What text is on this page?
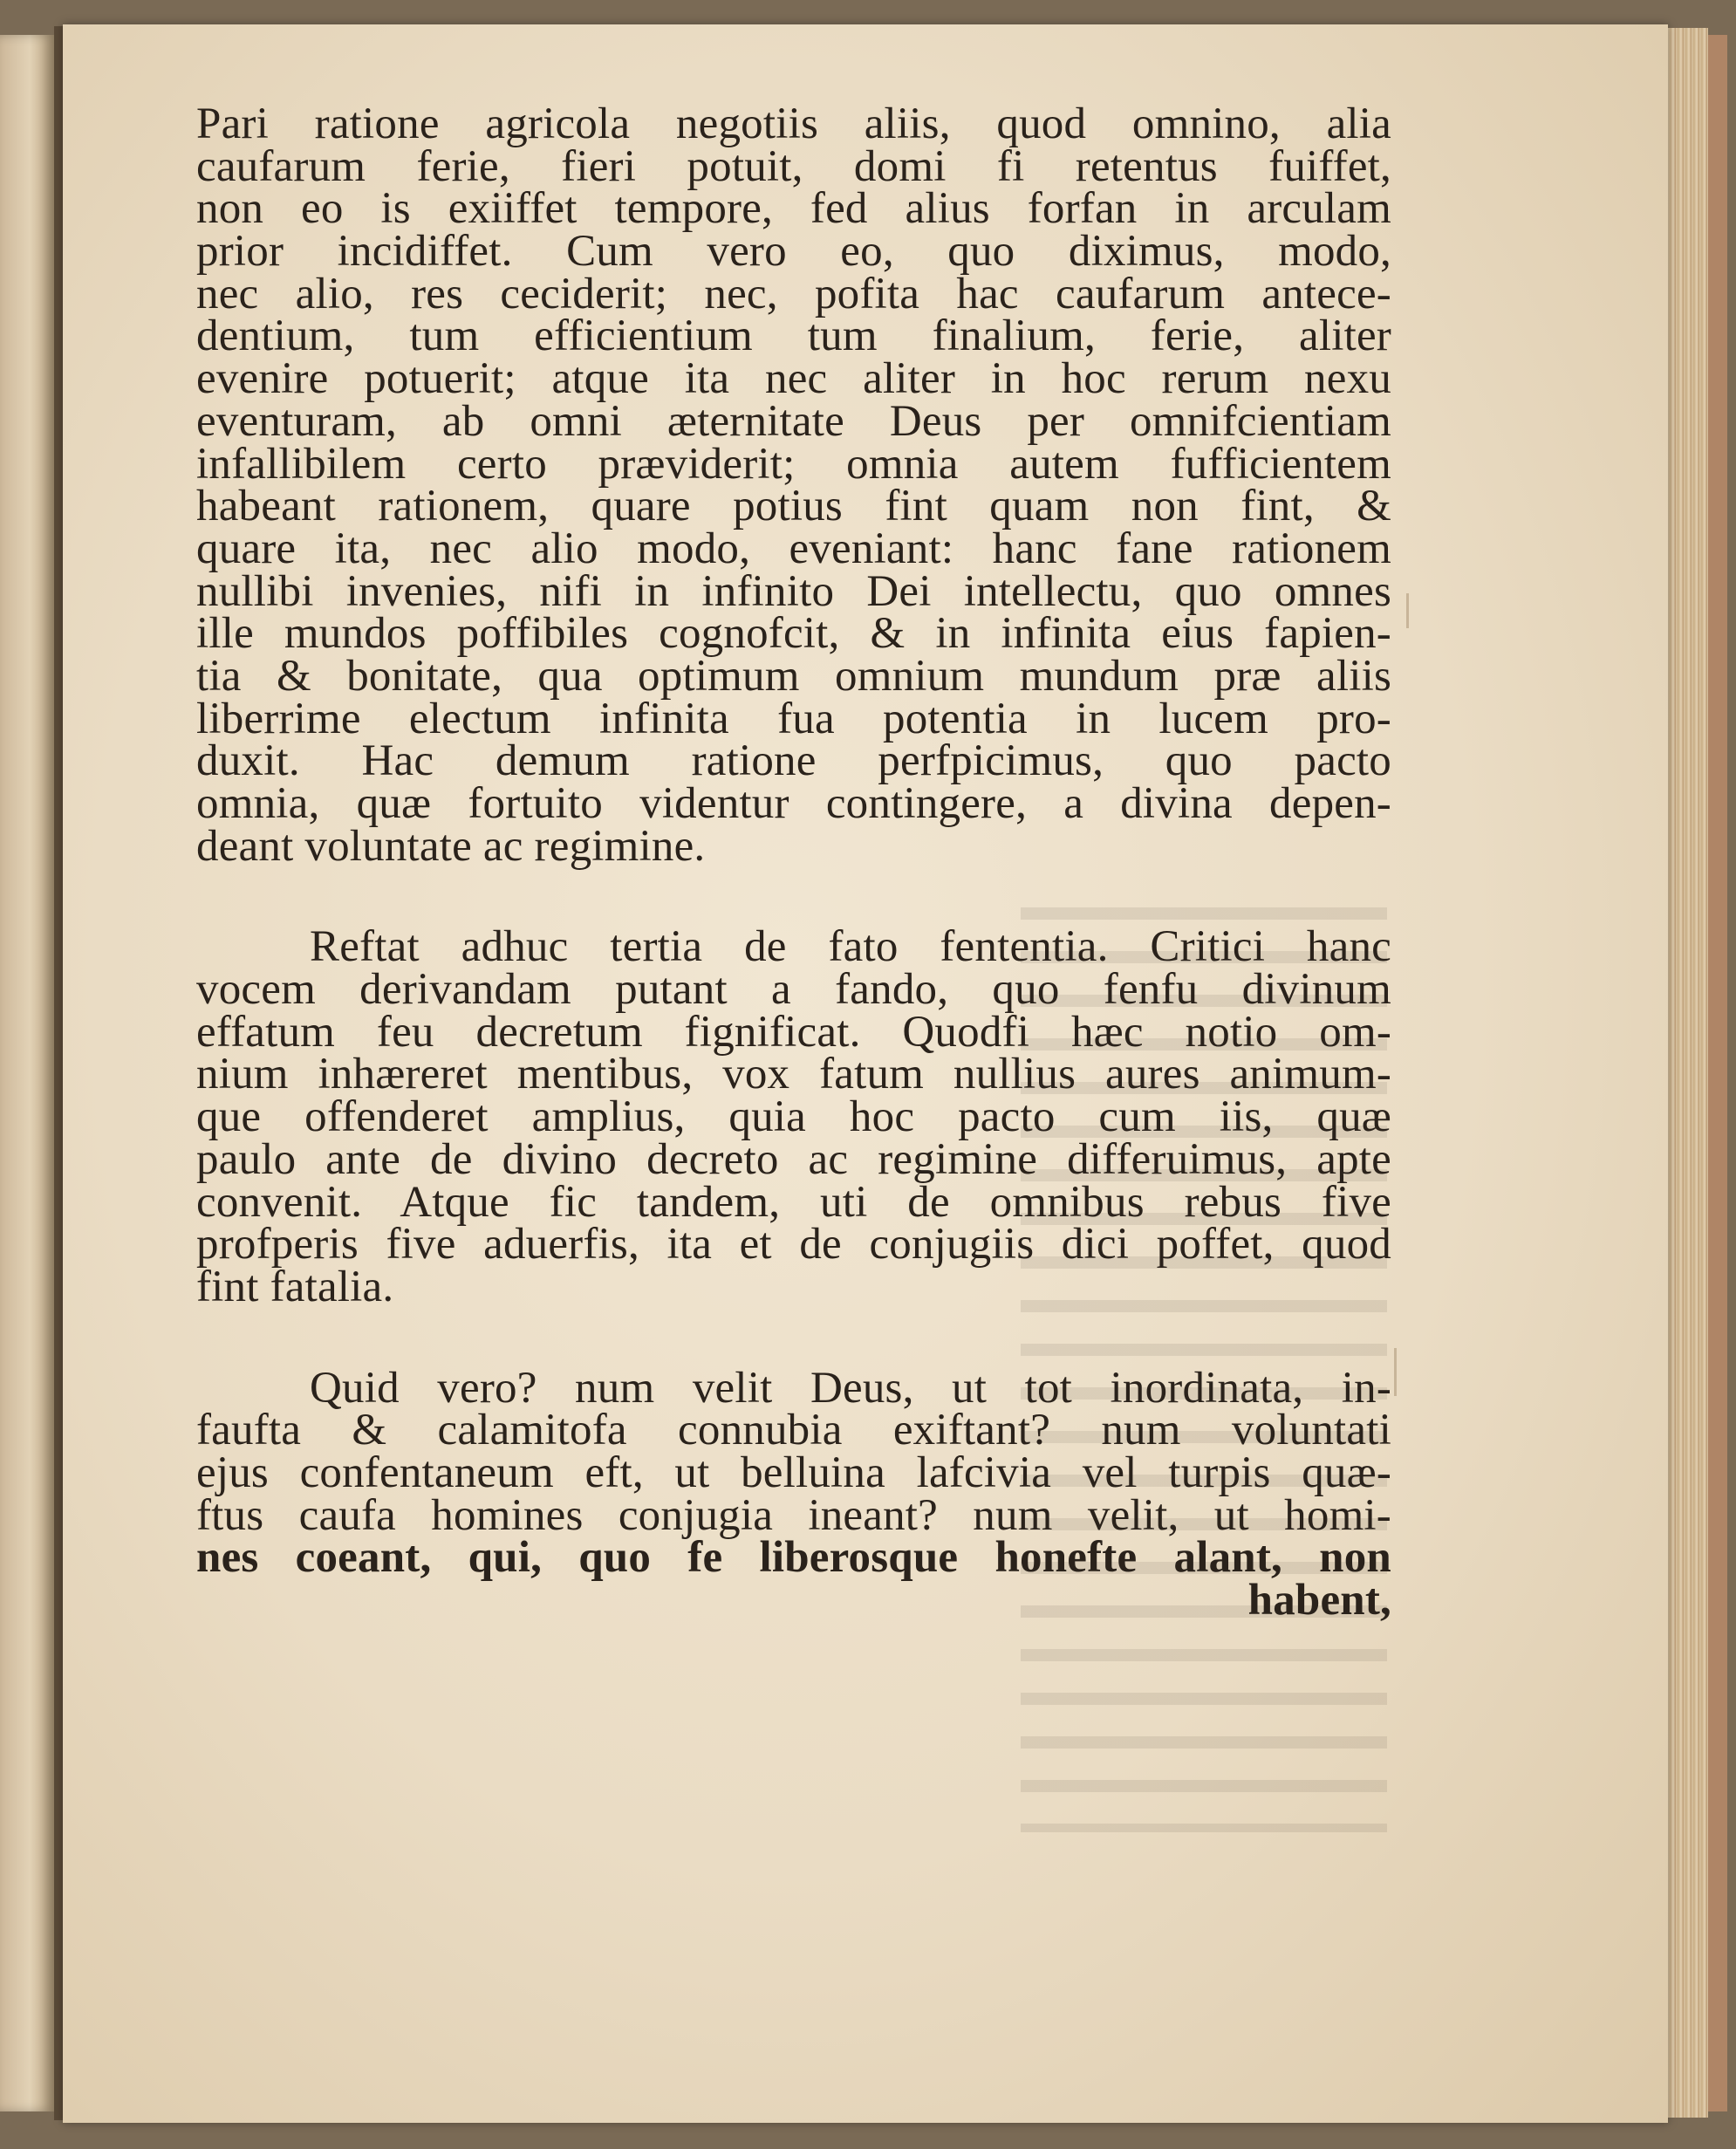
Pari ratione agricola negotiis aliis, quod omnino, alia
caufarum ferie, fieri potuit, domi fi retentus fuiffet,
non eo is exiiffet tempore, fed alius forfan in arculam
prior incidiffet. Cum vero eo, quo diximus, modo,
nec alio, res ceciderit; nec, pofita hac caufarum antece-
dentium, tum efficientium tum finalium, ferie, aliter
evenire potuerit; atque ita nec aliter in hoc rerum nexu
eventuram, ab omni æternitate Deus per omnifcientiam
infallibilem certo præviderit; omnia autem fufficientem
habeant rationem, quare potius fint quam non fint, &
quare ita, nec alio modo, eveniant: hanc fane rationem
nullibi invenies, nifi in infinito Dei intellectu, quo omnes
ille mundos poffibiles cognofcit, & in infinita eius fapien-
tia & bonitate, qua optimum omnium mundum præ aliis
liberrime electum infinita fua potentia in lucem pro-
duxit. Hac demum ratione perfpicimus, quo pacto
omnia, quæ fortuito videntur contingere, a divina depen-
deant voluntate ac regimine.
Reftat adhuc tertia de fato fententia. Critici hanc
vocem derivandam putant a fando, quo fenfu divinum
effatum feu decretum fignificat. Quodfi hæc notio om-
nium inhæreret mentibus, vox fatum nullius aures animum-
que offenderet amplius, quia hoc pacto cum iis, quæ
paulo ante de divino decreto ac regimine differuimus, apte
convenit. Atque fic tandem, uti de omnibus rebus five
profperis five aduerfis, ita et de conjugiis dici poffet, quod
fint fatalia.
Quid vero? num velit Deus, ut tot inordinata, in-
faufta & calamitofa connubia exiftant? num voluntati
ejus confentaneum eft, ut belluina lafcivia vel turpis quæ-
ftus caufa homines conjugia ineant? num velit, ut homi-
nes coeant, qui, quo fe liberosque honefte alant, non
habent,
